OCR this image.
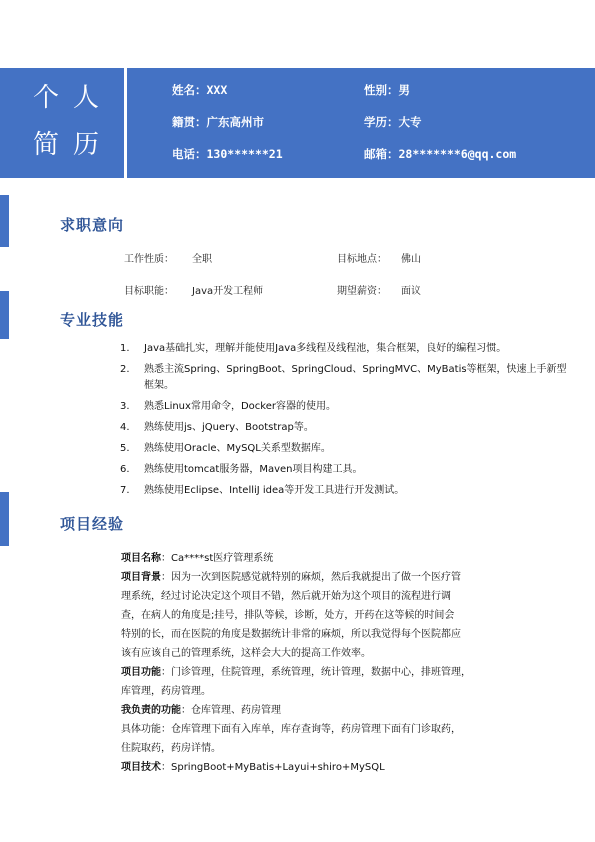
个 人
简 历
姓名：XXX	性别：男
籍贯：广东高州市	学历：大专
电话：130******21	邮箱：28*******6@qq.com
求职意向
工作性质： 全职	目标地点： 佛山
目标职能： Java开发工程师	期望薪资： 面议
专业技能
1.	Java基础扎实，理解并能使用Java多线程及线程池，集合框架，良好的编程习惯。
2.	熟悉主流Spring、SpringBoot、SpringCloud、SpringMVC、MyBatis等框架，快速上手新型框架。
3.	熟悉Linux常用命令，Docker容器的使用。
4.	熟练使用js、jQuery、Bootstrap等。
5.	熟练使用Oracle、MySQL关系型数据库。
6.	熟练使用tomcat服务器，Maven项目构建工具。
7.	熟练使用Eclipse、IntelliJ idea等开发工具进行开发测试。
项目经验

项目名称：Ca****st医疗管理系统

项目背景：因为一次到医院感觉就特别的麻烦，然后我就提出了做一个医疗管

理系统，经过讨论决定这个项目不错，然后就开始为这个项目的流程进行调

查，在病人的角度是;挂号，排队等候，诊断，处方，开药在这等候的时间会

特别的长，而在医院的角度是数据统计非常的麻烦，所以我觉得每个医院都应

该有应该自己的管理系统，这样会大大的提高工作效率。

项目功能：门诊管理，住院管理，系统管理，统计管理，数据中心，排班管理，

库管理，药房管理。

我负责的功能：仓库管理、药房管理

具体功能：仓库管理下面有入库单，库存查询等，药房管理下面有门诊取药，

住院取药，药房详情。

项目技术：SpringBoot+MyBatis+Layui+shiro+MySQL
